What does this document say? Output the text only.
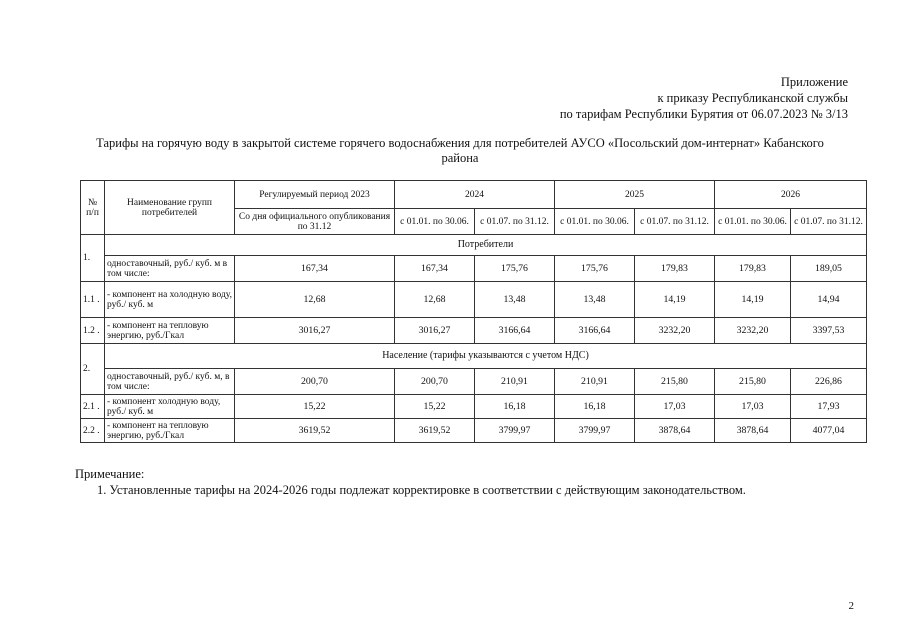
Приложение
к приказу Республиканской службы
по тарифам Республики Бурятия от 06.07.2023 № 3/13
Тарифы на горячую воду в закрытой системе горячего водоснабжения для потребителей АУСО «Посольский дом-интернат» Кабанского
района
№ п/п	Наименование групп потребителей	Регулируемый период 2023	2024		2025		2026	
		Со дня официального опубликования по 31.12	с 01.01. по 30.06.	с 01.07. по 31.12.	с 01.01. по 30.06.	с 01.07. по 31.12.	с 01.01. по 30.06.	с 01.07. по 31.12.
1.	Потребители							
	одноставочный, руб./ куб. м в том числе:	167,34	167,34	175,76	175,76	179,83	179,83	189,05
1.1 .	- компонент на холодную воду, руб./ куб. м	12,68	12,68	13,48	13,48	14,19	14,19	14,94
1.2 .	- компонент на тепловую энергию, руб./Гкал	3016,27	3016,27	3166,64	3166,64	3232,20	3232,20	3397,53
2.	Население (тарифы указываются с учетом НДС)							
	одноставочный, руб./ куб. м, в том числе:	200,70	200,70	210,91	210,91	215,80	215,80	226,86
2.1 .	- компонент холодную воду, руб./ куб. м	15,22	15,22	16,18	16,18	17,03	17,03	17,93
2.2 .	- компонент на тепловую энергию, руб./Гкал	3619,52	3619,52	3799,97	3799,97	3878,64	3878,64	4077,04
Примечание:
1. Установленные тарифы на 2024-2026 годы подлежат корректировке в соответствии с действующим законодательством.
2
